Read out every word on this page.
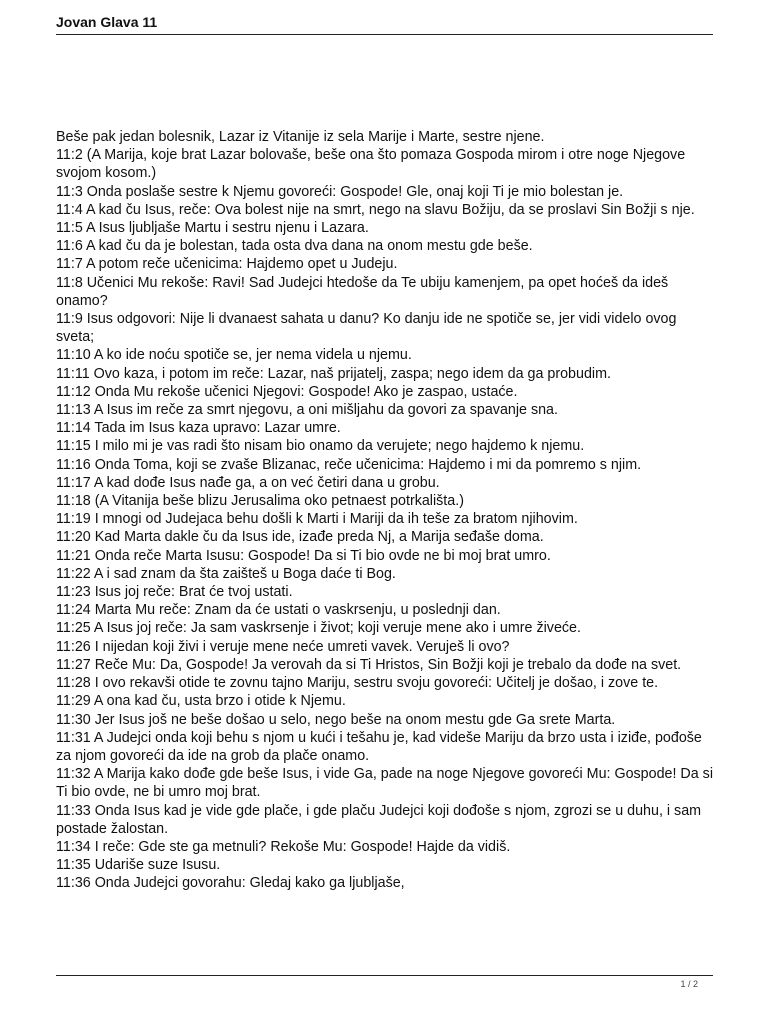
Jovan Glava 11

Beše pak jedan bolesnik, Lazar iz Vitanije iz sela Marije i Marte, sestre njene.

11:2 (A Marija, koje brat Lazar bolovaše, beše ona što pomaza Gospoda mirom i otre noge Njegove svojom kosom.)

11:3 Onda poslaše sestre k Njemu govoreći: Gospode! Gle, onaj koji Ti je mio bolestan je.

11:4 A kad ču Isus, reče: Ova bolest nije na smrt, nego na slavu Božiju, da se proslavi Sin Božji s nje.

11:5 A Isus ljubljaše Martu i sestru njenu i Lazara.

11:6 A kad ču da je bolestan, tada osta dva dana na onom mestu gde beše.

11:7 A potom reče učenicima: Hajdemo opet u Judeju.

11:8 Učenici Mu rekoše: Ravi! Sad Judejci htedoše da Te ubiju kamenjem, pa opet hoćeš da ideš onamo?

11:9 Isus odgovori: Nije li dvanaest sahata u danu? Ko danju ide ne spotiče se, jer vidi videlo ovog sveta;

11:10 A ko ide noću spotiče se, jer nema videla u njemu.

11:11 Ovo kaza, i potom im reče: Lazar, naš prijatelj, zaspa; nego idem da ga probudim.

11:12 Onda Mu rekoše učenici Njegovi: Gospode! Ako je zaspao, ustaće.

11:13 A Isus im reče za smrt njegovu, a oni mišljahu da govori za spavanje sna.

11:14 Tada im Isus kaza upravo: Lazar umre.

11:15 I milo mi je vas radi što nisam bio onamo da verujete; nego hajdemo k njemu.

11:16 Onda Toma, koji se zvaše Blizanac, reče učenicima: Hajdemo i mi da pomremo s njim.

11:17 A kad dođe Isus nađe ga, a on već četiri dana u grobu.

11:18 (A Vitanija beše blizu Jerusalima oko petnaest potrkališta.)

11:19 I mnogi od Judejaca behu došli k Marti i Mariji da ih teše za bratom njihovim.

11:20 Kad Marta dakle ču da Isus ide, izađe preda Nj, a Marija seđaše doma.

11:21 Onda reče Marta Isusu: Gospode! Da si Ti bio ovde ne bi moj brat umro.

11:22 A i sad znam da šta zaišteš u Boga daće ti Bog.

11:23 Isus joj reče: Brat će tvoj ustati.

11:24 Marta Mu reče: Znam da će ustati o vaskrsenju, u poslednji dan.

11:25 A Isus joj reče: Ja sam vaskrsenje i život; koji veruje mene ako i umre živeće.

11:26 I nijedan koji živi i veruje mene neće umreti vavek. Veruješ li ovo?

11:27 Reče Mu: Da, Gospode! Ja verovah da si Ti Hristos, Sin Božji koji je trebalo da dođe na svet.

11:28 I ovo rekavši otide te zovnu tajno Mariju, sestru svoju govoreći: Učitelj je došao, i zove te.

11:29 A ona kad ču, usta brzo i otide k Njemu.

11:30 Jer Isus još ne beše došao u selo, nego beše na onom mestu gde Ga srete Marta.

11:31 A Judejci onda koji behu s njom u kući i tešahu je, kad videše Mariju da brzo usta i iziđe, pođoše za njom govoreći da ide na grob da plače onamo.

11:32 A Marija kako dođe gde beše Isus, i vide Ga, pade na noge Njegove govoreći Mu: Gospode! Da si Ti bio ovde, ne bi umro moj brat.

11:33 Onda Isus kad je vide gde plače, i gde plaču Judejci koji dođoše s njom, zgrozi se u duhu, i sam postade žalostan.

11:34 I reče: Gde ste ga metnuli? Rekoše Mu: Gospode! Hajde da vidiš.

11:35 Udariše suze Isusu.

11:36 Onda Judejci govorahu: Gledaj kako ga ljubljaše,

1 / 2
